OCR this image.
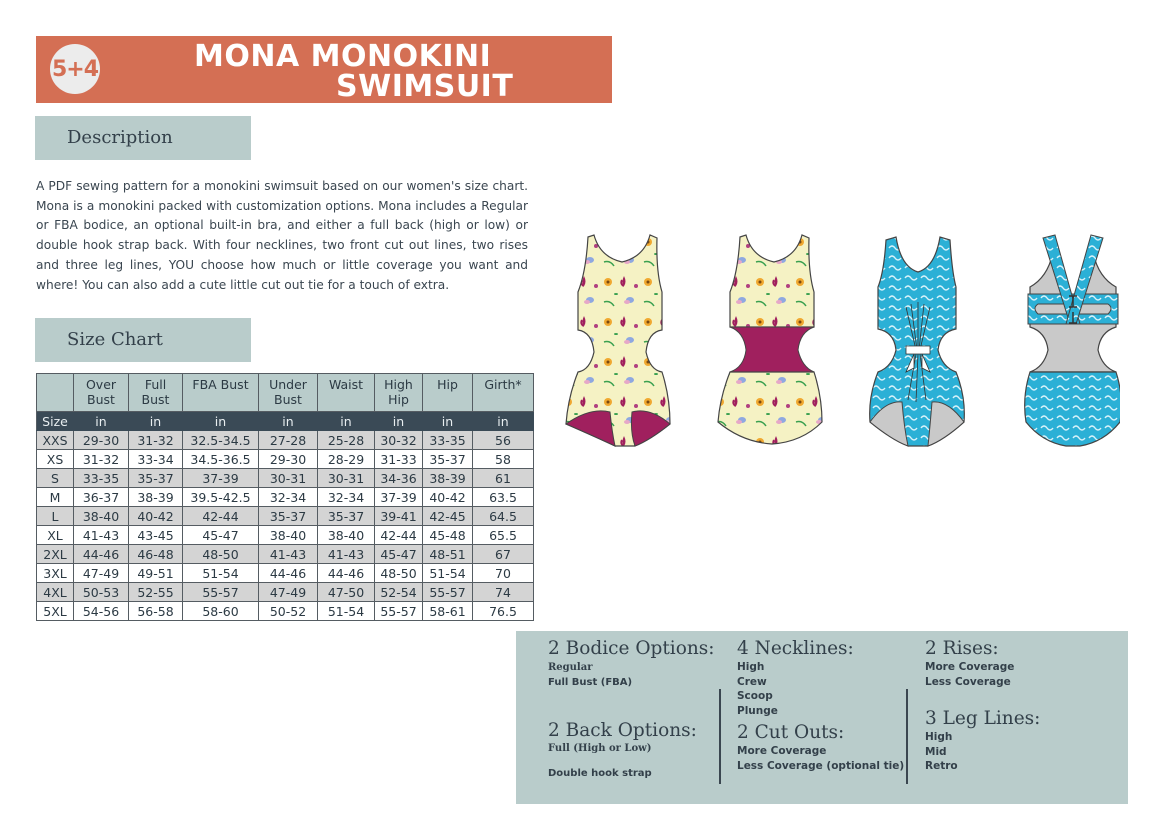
5+4	MONA MONOKINI
SWIMSUIT
Description
A PDF sewing pattern for a monokini swimsuit based on our women's size chart. Mona is a monokini packed with customization options. Mona includes a Regular or FBA bodice, an optional built-in bra, and either a full back (high or low) or double hook strap back. With four necklines, two front cut out lines, two rises and three leg lines, YOU choose how much or little coverage you want and where! You can also add a cute little cut out tie for a touch of extra.
Size Chart
	Over Bust	Full Bust	FBA Bust	Under Bust	Waist	High Hip	Hip	Girth*
Size	in	in	in	in	in	in	in	in
XXS	29-30	31-32	32.5-34.5	27-28	25-28	30-32	33-35	56
XS	31-32	33-34	34.5-36.5	29-30	28-29	31-33	35-37	58
S	33-35	35-37	37-39	30-31	30-31	34-36	38-39	61
M	36-37	38-39	39.5-42.5	32-34	32-34	37-39	40-42	63.5
L	38-40	40-42	42-44	35-37	35-37	39-41	42-45	64.5
XL	41-43	43-45	45-47	38-40	38-40	42-44	45-48	65.5
2XL	44-46	46-48	48-50	41-43	41-43	45-47	48-51	67
3XL	47-49	49-51	51-54	44-46	44-46	48-50	51-54	70
4XL	50-53	52-55	55-57	47-49	47-50	52-54	55-57	74
5XL	54-56	56-58	58-60	50-52	51-54	55-57	58-61	76.5
2 Bodice Options:
Regular
Full Bust (FBA)
2 Back Options:
Full (High or Low)
Double hook strap
4 Necklines:
High
Crew
Scoop
Plunge
2 Cut Outs:
More Coverage
Less Coverage (optional tie)
2 Rises:
More Coverage
Less Coverage
3 Leg Lines:
High
Mid
Retro
